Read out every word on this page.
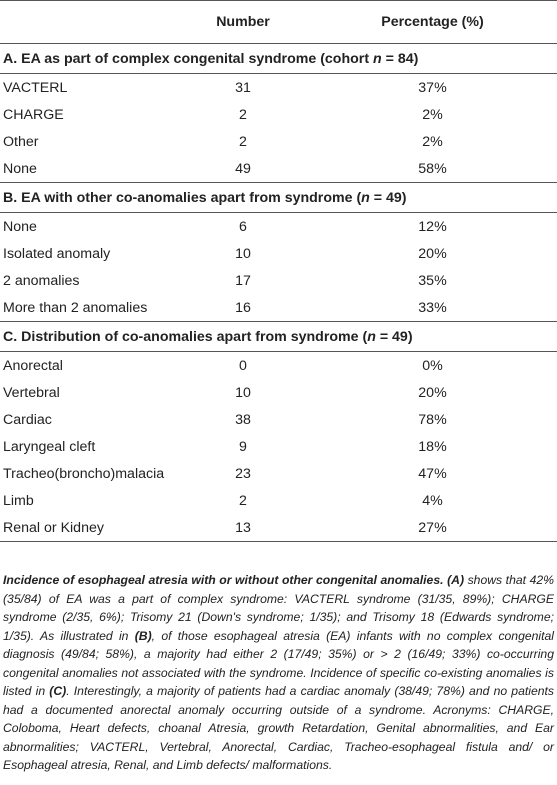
	Number	Percentage (%)
A. EA as part of complex congenital syndrome (cohort n = 84)		
VACTERL	31	37%
CHARGE	2	2%
Other	2	2%
None	49	58%
B. EA with other co-anomalies apart from syndrome (n = 49)		
None	6	12%
Isolated anomaly	10	20%
2 anomalies	17	35%
More than 2 anomalies	16	33%
C. Distribution of co-anomalies apart from syndrome (n = 49)		
Anorectal	0	0%
Vertebral	10	20%
Cardiac	38	78%
Laryngeal cleft	9	18%
Tracheo(broncho)malacia	23	47%
Limb	2	4%
Renal or Kidney	13	27%
Incidence of esophageal atresia with or without other congenital anomalies. (A) shows that 42% (35/84) of EA was a part of complex syndrome: VACTERL syndrome (31/35, 89%); CHARGE syndrome (2/35, 6%); Trisomy 21 (Down's syndrome; 1/35); and Trisomy 18 (Edwards syndrome; 1/35). As illustrated in (B), of those esophageal atresia (EA) infants with no complex congenital diagnosis (49/84; 58%), a majority had either 2 (17/49; 35%) or > 2 (16/49; 33%) co-occurring congenital anomalies not associated with the syndrome. Incidence of specific co-existing anomalies is listed in (C). Interestingly, a majority of patients had a cardiac anomaly (38/49; 78%) and no patients had a documented anorectal anomaly occurring outside of a syndrome. Acronyms: CHARGE, Coloboma, Heart defects, choanal Atresia, growth Retardation, Genital abnormalities, and Ear abnormalities; VACTERL, Vertebral, Anorectal, Cardiac, Tracheo-esophageal fistula and/ or Esophageal atresia, Renal, and Limb defects/ malformations.
